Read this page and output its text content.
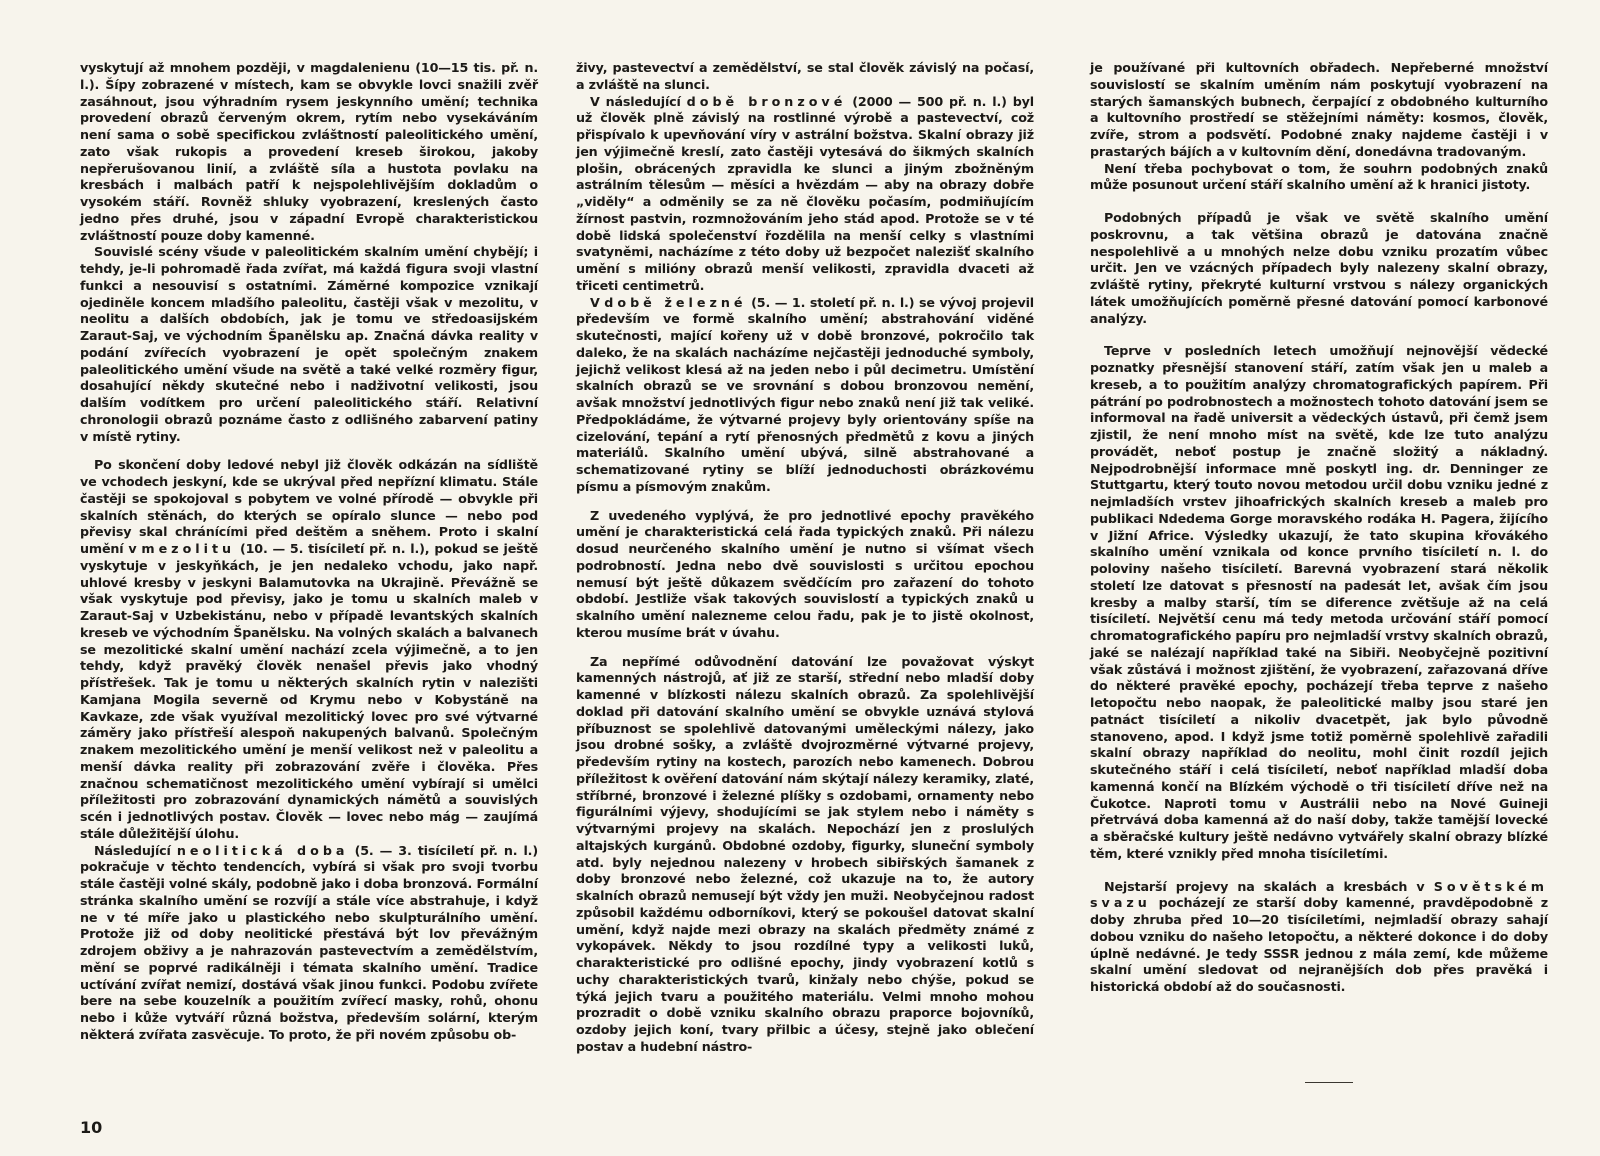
vyskytují až mnohem později, v magdalenienu (10—15 tis. př. n. l.). Šípy zobrazené v místech, kam se obvykle lovci snažili zvěř zasáhnout, jsou výhradním rysem jeskynního umění; technika provedení obrazů červeným okrem, rytím nebo vysekáváním není sama o sobě specifickou zvláštností paleolitického umění, zato však rukopis a provedení kreseb širokou, jakoby nepřerušovanou linií, a zvláště síla a hustota povlaku na kresbách i malbách patří k nejspolehlivějším dokladům o vysokém stáří. Rovněž shluky vyobrazení, kreslených často jedno přes druhé, jsou v západní Evropě charakteristickou zvláštností pouze doby kamenné.

Souvislé scény všude v paleolitickém skalním umění chybějí; i tehdy, je-li pohromadě řada zvířat, má každá figura svoji vlastní funkci a nesouvisí s ostatními. Záměrné kompozice vznikají ojediněle koncem mladšího paleolitu, častěji však v mezolitu, v neolitu a dalších obdobích, jak je tomu ve středoasijském Zaraut-Saj, ve východním Španělsku ap. Značná dávka reality v podání zvířecích vyobrazení je opět společným znakem paleolitického umění všude na světě a také velké rozměry figur, dosahující někdy skutečné nebo i nadživotní velikosti, jsou dalším vodítkem pro určení paleolitického stáří. Relativní chronologii obrazů poznáme často z odlišného zabarvení patiny v místě rytiny.

Po skončení doby ledové nebyl již člověk odkázán na sídliště ve vchodech jeskyní, kde se ukrýval před nepřízní klimatu. Stále častěji se spokojoval s pobytem ve volné přírodě — obvykle při skalních stěnách, do kterých se opíralo slunce — nebo pod převisy skal chránícími před deštěm a sněhem. Proto i skalní umění v mezolitu (10. — 5. tisíciletí př. n. l.), pokud se ještě vyskytuje v jeskyňkách, je jen nedaleko vchodu, jako např. uhlové kresby v jeskyni Balamutovka na Ukrajině. Převážně se však vyskytuje pod převisy, jako je tomu u skalních maleb v Zaraut-Saj v Uzbekistánu, nebo v případě levantských skalních kreseb ve východním Španělsku. Na volných skalách a balvanech se mezolitické skalní umění nachází zcela výjimečně, a to jen tehdy, když pravěký člověk nenašel převis jako vhodný přístřešek. Tak je tomu u některých skalních rytin v nalezišti Kamjana Mogila severně od Krymu nebo v Kobystáně na Kavkaze, zde však využíval mezolitický lovec pro své výtvarné záměry jako přístřeší alespoň nakupených balvanů. Společným znakem mezolitického umění je menší velikost než v paleolitu a menší dávka reality při zobrazování zvěře i člověka. Přes značnou schematičnost mezolitického umění vybírají si umělci příležitosti pro zobrazování dynamických námětů a souvislých scén i jednotlivých postav. Člověk — lovec nebo mág — zaujímá stále důležitější úlohu.

Následující neolitická doba (5. — 3. tisíciletí př. n. l.) pokračuje v těchto tendencích, vybírá si však pro svoji tvorbu stále častěji volné skály, podobně jako i doba bronzová. Formální stránka skalního umění se rozvíjí a stále více abstrahuje, i když ne v té míře jako u plastického nebo skulpturálního umění. Protože již od doby neolitické přestává být lov převážným zdrojem obživy a je nahrazován pastevectvím a zemědělstvím, mění se poprvé radikálněji i témata skalního umění. Tradice uctívání zvířat nemizí, dostává však jinou funkci. Podobu zvířete bere na sebe kouzelník a použitím zvířecí masky, rohů, ohonu nebo i kůže vytváří různá božstva, především solární, kterým některá zvířata zasvěcuje. To proto, že při novém způsobu ob-

živy, pastevectví a zemědělství, se stal člověk závislý na počasí, a zvláště na slunci.

V následující době bronzové (2000 — 500 př. n. l.) byl už člověk plně závislý na rostlinné výrobě a pastevectví, což přispívalo k upevňování víry v astrální božstva. Skalní obrazy již jen výjimečně kreslí, zato častěji vytesává do šikmých skalních plošin, obrácených zpravidla ke slunci a jiným zbožněným astrálním tělesům — měsíci a hvězdám — aby na obrazy dobře „viděly“ a odměnily se za ně člověku počasím, podmiňujícím žírnost pastvin, rozmnožováním jeho stád apod. Protože se v té době lidská společenství řozdělila na menší celky s vlastními svatyněmi, nacházíme z této doby už bezpočet nalezišť skalního umění s milióny obrazů menší velikosti, zpravidla dvaceti až třiceti centimetrů.

V době železné (5. — 1. století př. n. l.) se vývoj projevil především ve formě skalního umění; abstrahování viděné skutečnosti, mající kořeny už v době bronzové, pokročilo tak daleko, že na skalách nacházíme nejčastěji jednoduché symboly, jejichž velikost klesá až na jeden nebo i půl decimetru. Umístění skalních obrazů se ve srovnání s dobou bronzovou nemění, avšak množství jednotlivých figur nebo znaků není již tak veliké. Předpokládáme, že výtvarné projevy byly orientovány spíše na cizelování, tepání a rytí přenosných předmětů z kovu a jiných materiálů. Skalního umění ubývá, silně abstrahované a schematizované rytiny se blíží jednoduchosti obrázkovému písmu a písmovým znakům.

Z uvedeného vyplývá, že pro jednotlivé epochy pravěkého umění je charakteristická celá řada typických znaků. Při nálezu dosud neurčeného skalního umění je nutno si všímat všech podrobností. Jedna nebo dvě souvislosti s určitou epochou nemusí být ještě důkazem svědčícím pro zařazení do tohoto období. Jestliže však takových souvislostí a typických znaků u skalního umění nalezneme celou řadu, pak je to jistě okolnost, kterou musíme brát v úvahu.

Za nepřímé odůvodnění datování lze považovat výskyt kamenných nástrojů, ať již ze starší, střední nebo mladší doby kamenné v blízkosti nálezu skalních obrazů. Za spolehlivější doklad při datování skalního umění se obvykle uznává stylová příbuznost se spolehlivě datovanými uměleckými nálezy, jako jsou drobné sošky, a zvláště dvojrozměrné výtvarné projevy, především rytiny na kostech, parozích nebo kamenech. Dobrou příležitost k ověření datování nám skýtají nálezy keramiky, zlaté, stříbrné, bronzové i železné plíšky s ozdobami, ornamenty nebo figurálními výjevy, shodujícími se jak stylem nebo i náměty s výtvarnými projevy na skalách. Nepochází jen z proslulých altajských kurgánů. Obdobné ozdoby, figurky, sluneční symboly atd. byly nejednou nalezeny v hrobech sibiřských šamanek z doby bronzové nebo železné, což ukazuje na to, že autory skalních obrazů nemusejí být vždy jen muži. Neobyčejnou radost způsobil každému odborníkovi, který se pokoušel datovat skalní umění, když najde mezi obrazy na skalách předměty známé z vykopávek. Někdy to jsou rozdílné typy a velikosti luků, charakteristické pro odlišné epochy, jindy vyobrazení kotlů s uchy charakteristických tvarů, kinžaly nebo chýše, pokud se týká jejich tvaru a použitého materiálu. Velmi mnoho mohou prozradit o době vzniku skalního obrazu praporce bojovníků, ozdoby jejich koní, tvary přilbic a účesy, stejně jako oblečení postav a hudební nástro-

je používané při kultovních obřadech. Nepřeberné množství souvislostí se skalním uměním nám poskytují vyobrazení na starých šamanských bubnech, čerpající z obdobného kulturního a kultovního prostředí se stěžejními náměty: kosmos, člověk, zvíře, strom a podsvětí. Podobné znaky najdeme častěji i v prastarých bájích a v kultovním dění, donedávna tradovaným.

Není třeba pochybovat o tom, že souhrn podobných znaků může posunout určení stáří skalního umění až k hranici jistoty.

Podobných případů je však ve světě skalního umění poskrovnu, a tak většina obrazů je datována značně nespolehlivě a u mnohých nelze dobu vzniku prozatím vůbec určit. Jen ve vzácných případech byly nalezeny skalní obrazy, zvláště rytiny, překryté kulturní vrstvou s nálezy organických látek umožňujících poměrně přesné datování pomocí karbonové analýzy.

Teprve v posledních letech umožňují nejnovější vědecké poznatky přesnější stanovení stáří, zatím však jen u maleb a kreseb, a to použitím analýzy chromatografických papírem. Při pátrání po podrobnostech a možnostech tohoto datování jsem se informoval na řadě universit a vědeckých ústavů, při čemž jsem zjistil, že není mnoho míst na světě, kde lze tuto analýzu provádět, neboť postup je značně složitý a nákladný. Nejpodrobnější informace mně poskytl ing. dr. Denninger ze Stuttgartu, který touto novou metodou určil dobu vzniku jedné z nejmladších vrstev jihoafrických skalních kreseb a maleb pro publikaci Ndedema Gorge moravského rodáka H. Pagera, žijícího v Jižní Africe. Výsledky ukazují, že tato skupina křovákého skalního umění vznikala od konce prvního tisíciletí n. l. do poloviny našeho tisíciletí. Barevná vyobrazení stará několik století lze datovat s přesností na padesát let, avšak čím jsou kresby a malby starší, tím se diference zvětšuje až na celá tisíciletí. Největší cenu má tedy metoda určování stáří pomocí chromatografického papíru pro nejmladší vrstvy skalních obrazů, jaké se nalézají například také na Sibiři. Neobyčejně pozitivní však zůstává i možnost zjištění, že vyobrazení, zařazovaná dříve do některé pravěké epochy, pocházejí třeba teprve z našeho letopočtu nebo naopak, že paleolitické malby jsou staré jen patnáct tisíciletí a nikoliv dvacetpět, jak bylo původně stanoveno, apod. I když jsme totiž poměrně spolehlivě zařadili skalní obrazy například do neolitu, mohl činit rozdíl jejich skutečného stáří i celá tisíciletí, neboť například mladší doba kamenná končí na Blízkém východě o tři tisíciletí dříve než na Čukotce. Naproti tomu v Austrálii nebo na Nové Guineji přetrvává doba kamenná až do naší doby, takže tamější lovecké a sběračské kultury ještě nedávno vytvářely skalní obrazy blízké těm, které vznikly před mnoha tisíciletími.

Nejstarší projevy na skalách a kresbách v Sovětském svazu pocházejí ze starší doby kamenné, pravděpodobně z doby zhruba před 10—20 tisíciletími, nejmladší obrazy sahají dobou vzniku do našeho letopočtu, a některé dokonce i do doby úplně nedávné. Je tedy SSSR jednou z mála zemí, kde můžeme skalní umění sledovat od nejranějších dob přes pravěká i historická období až do současnosti.

10
